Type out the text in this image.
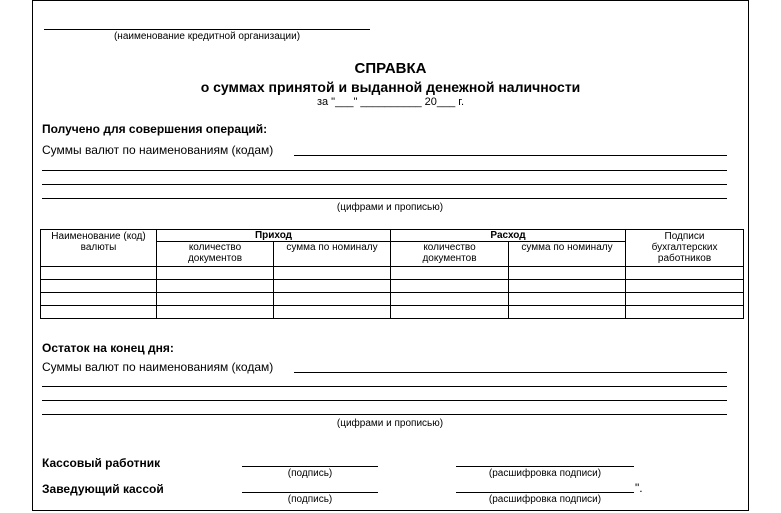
(наименование кредитной организации)
СПРАВКА
о суммах принятой и выданной денежной наличности
за "___" __________ 20___ г.
Получено для совершения операций:
Суммы валют по наименованиям (кодам)
(цифрами и прописью)
Наименование (код) валюты	Приход		Расход		Подписи бухгалтерских работников
	количество документов	сумма по номиналу	количество документов	сумма по номиналу	

Остаток на конец дня:
Суммы валют по наименованиям (кодам)
(цифрами и прописью)
Кассовый работник
(подпись)	(расшифровка подписи)
Заведующий кассой
(подпись)	(расшифровка подписи)
".
